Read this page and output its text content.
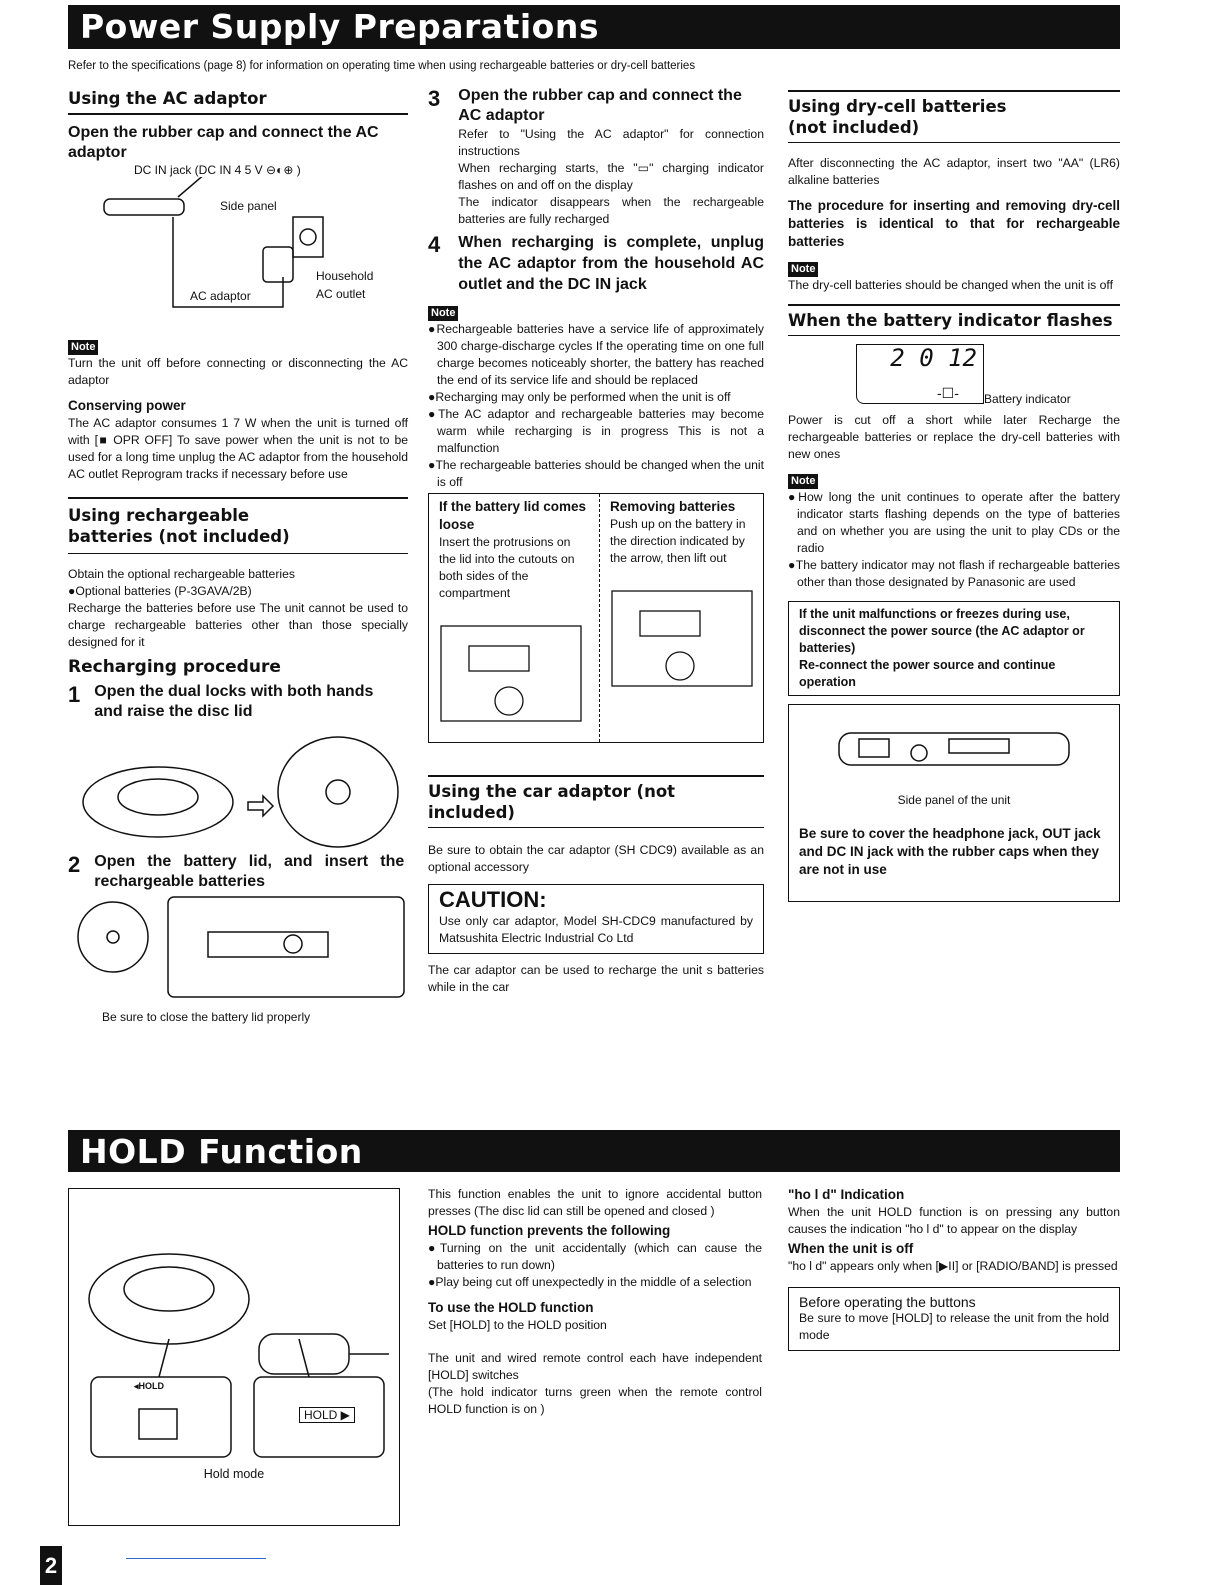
Power Supply Preparations
Refer to the specifications (page 8) for information on operating time when using rechargeable batteries or dry-cell batteries
Using the AC adaptor
Open the rubber cap and connect the AC adaptor
DC IN jack (DC IN 4 5 V ⊖◐⊕ )
Side panel
Household
AC outlet
AC adaptor
Note
Turn the unit off before connecting or disconnecting the AC adaptor
Conserving power
The AC adaptor consumes 1 7 W when the unit is turned off with [■ OPR OFF] To save power when the unit is not to be used for a long time unplug the AC adaptor from the household AC outlet Reprogram tracks if necessary before use
Using rechargeable batteries (not included)
Obtain the optional rechargeable batteries
●Optional batteries (P-3GAVA/2B)
Recharge the batteries before use The unit cannot be used to charge rechargeable batteries other than those specially designed for it
Recharging procedure
1 Open the dual locks with both hands and raise the disc lid
2 Open the battery lid, and insert the rechargeable batteries
Be sure to close the battery lid properly
3 Open the rubber cap and connect the AC adaptor
Refer to "Using the AC adaptor" for connection instructions
When recharging starts, the "▭" charging indicator flashes on and off on the display
The indicator disappears when the rechargeable batteries are fully recharged
4 When recharging is complete, unplug the AC adaptor from the household AC outlet and the DC IN jack
Note

●Rechargeable batteries have a service life of approximately 300 charge-discharge cycles If the operating time on one full charge becomes noticeably shorter, the battery has reached the end of its service life and should be replaced

●Recharging may only be performed when the unit is off

●The AC adaptor and rechargeable batteries may become warm while recharging is in progress This is not a malfunction

●The rechargeable batteries should be changed when the unit is off

If the battery lid comes loose
Insert the protrusions on the lid into the cutouts on both sides of the compartment
Removing batteries
Push up on the battery in the direction indicated by the arrow, then lift out
Using the car adaptor (not included)
Be sure to obtain the car adaptor (SH CDC9) available as an optional accessory
CAUTION:
Use only car adaptor, Model SH-CDC9 manufactured by Matsushita Electric Industrial Co Ltd
The car adaptor can be used to recharge the unit s batteries while in the car
Using dry-cell batteries (not included)
After disconnecting the AC adaptor, insert two "AA" (LR6) alkaline batteries
The procedure for inserting and removing dry-cell batteries is identical to that for rechargeable batteries
Note
The dry-cell batteries should be changed when the unit is off
When the battery indicator flashes
2 0 12
-☐- Battery indicator
Power is cut off a short while later Recharge the rechargeable batteries or replace the dry-cell batteries with new ones
Note

●How long the unit continues to operate after the battery indicator starts flashing depends on the type of batteries and on whether you are using the unit to play CDs or the radio

●The battery indicator may not flash if rechargeable batteries other than those designated by Panasonic are used

If the unit malfunctions or freezes during use, disconnect the power source (the AC adaptor or batteries)
Re-connect the power source and continue operation
Side panel of the unit
Be sure to cover the headphone jack, OUT jack and DC IN jack with the rubber caps when they are not in use
HOLD Function
◂HOLD
HOLD ▶
Hold mode
This function enables the unit to ignore accidental button presses (The disc lid can still be opened and closed )
HOLD function prevents the following

●Turning on the unit accidentally (which can cause the batteries to run down)

●Play being cut off unexpectedly in the middle of a selection

To use the HOLD function
Set [HOLD] to the HOLD position
The unit and wired remote control each have independent [HOLD] switches
(The hold indicator turns green when the remote control HOLD function is on )
"ho l d" Indication
When the unit HOLD function is on pressing any button causes the indication "ho l d" to appear on the display
When the unit is off
"ho l d" appears only when [▶II] or [RADIO/BAND] is pressed
Before operating the buttons
Be sure to move [HOLD] to release the unit from the hold mode
2
